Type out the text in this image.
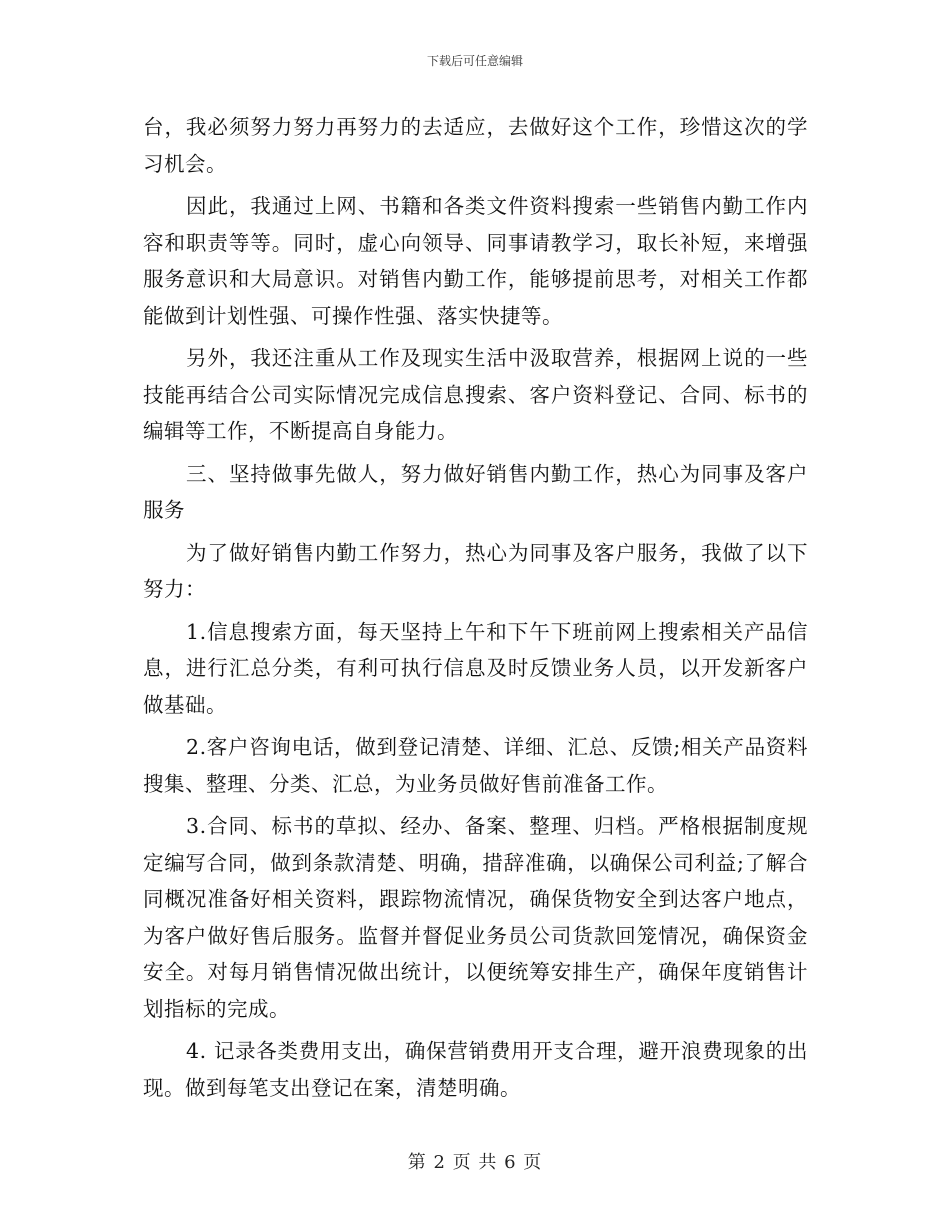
下载后可任意编辑

台，我必须努力努力再努力的去适应，去做好这个工作，珍惜这次的学习机会。

因此，我通过上网、书籍和各类文件资料搜索一些销售内勤工作内容和职责等等。同时，虚心向领导、同事请教学习，取长补短，来增强服务意识和大局意识。对销售内勤工作，能够提前思考，对相关工作都能做到计划性强、可操作性强、落实快捷等。

另外，我还注重从工作及现实生活中汲取营养，根据网上说的一些技能再结合公司实际情况完成信息搜索、客户资料登记、合同、标书的编辑等工作，不断提高自身能力。

三、坚持做事先做人，努力做好销售内勤工作，热心为同事及客户服务

为了做好销售内勤工作努力，热心为同事及客户服务，我做了以下努力：

1.信息搜索方面，每天坚持上午和下午下班前网上搜索相关产品信息，进行汇总分类，有利可执行信息及时反馈业务人员，以开发新客户做基础。

2.客户咨询电话，做到登记清楚、详细、汇总、反馈;相关产品资料搜集、整理、分类、汇总，为业务员做好售前准备工作。

3.合同、标书的草拟、经办、备案、整理、归档。严格根据制度规定编写合同，做到条款清楚、明确，措辞准确，以确保公司利益;了解合同概况准备好相关资料，跟踪物流情况，确保货物安全到达客户地点，为客户做好售后服务。监督并督促业务员公司货款回笼情况，确保资金安全。对每月销售情况做出统计，以便统筹安排生产，确保年度销售计划指标的完成。

4. 记录各类费用支出，确保营销费用开支合理，避开浪费现象的出现。做到每笔支出登记在案，清楚明确。

第 2 页 共 6 页
